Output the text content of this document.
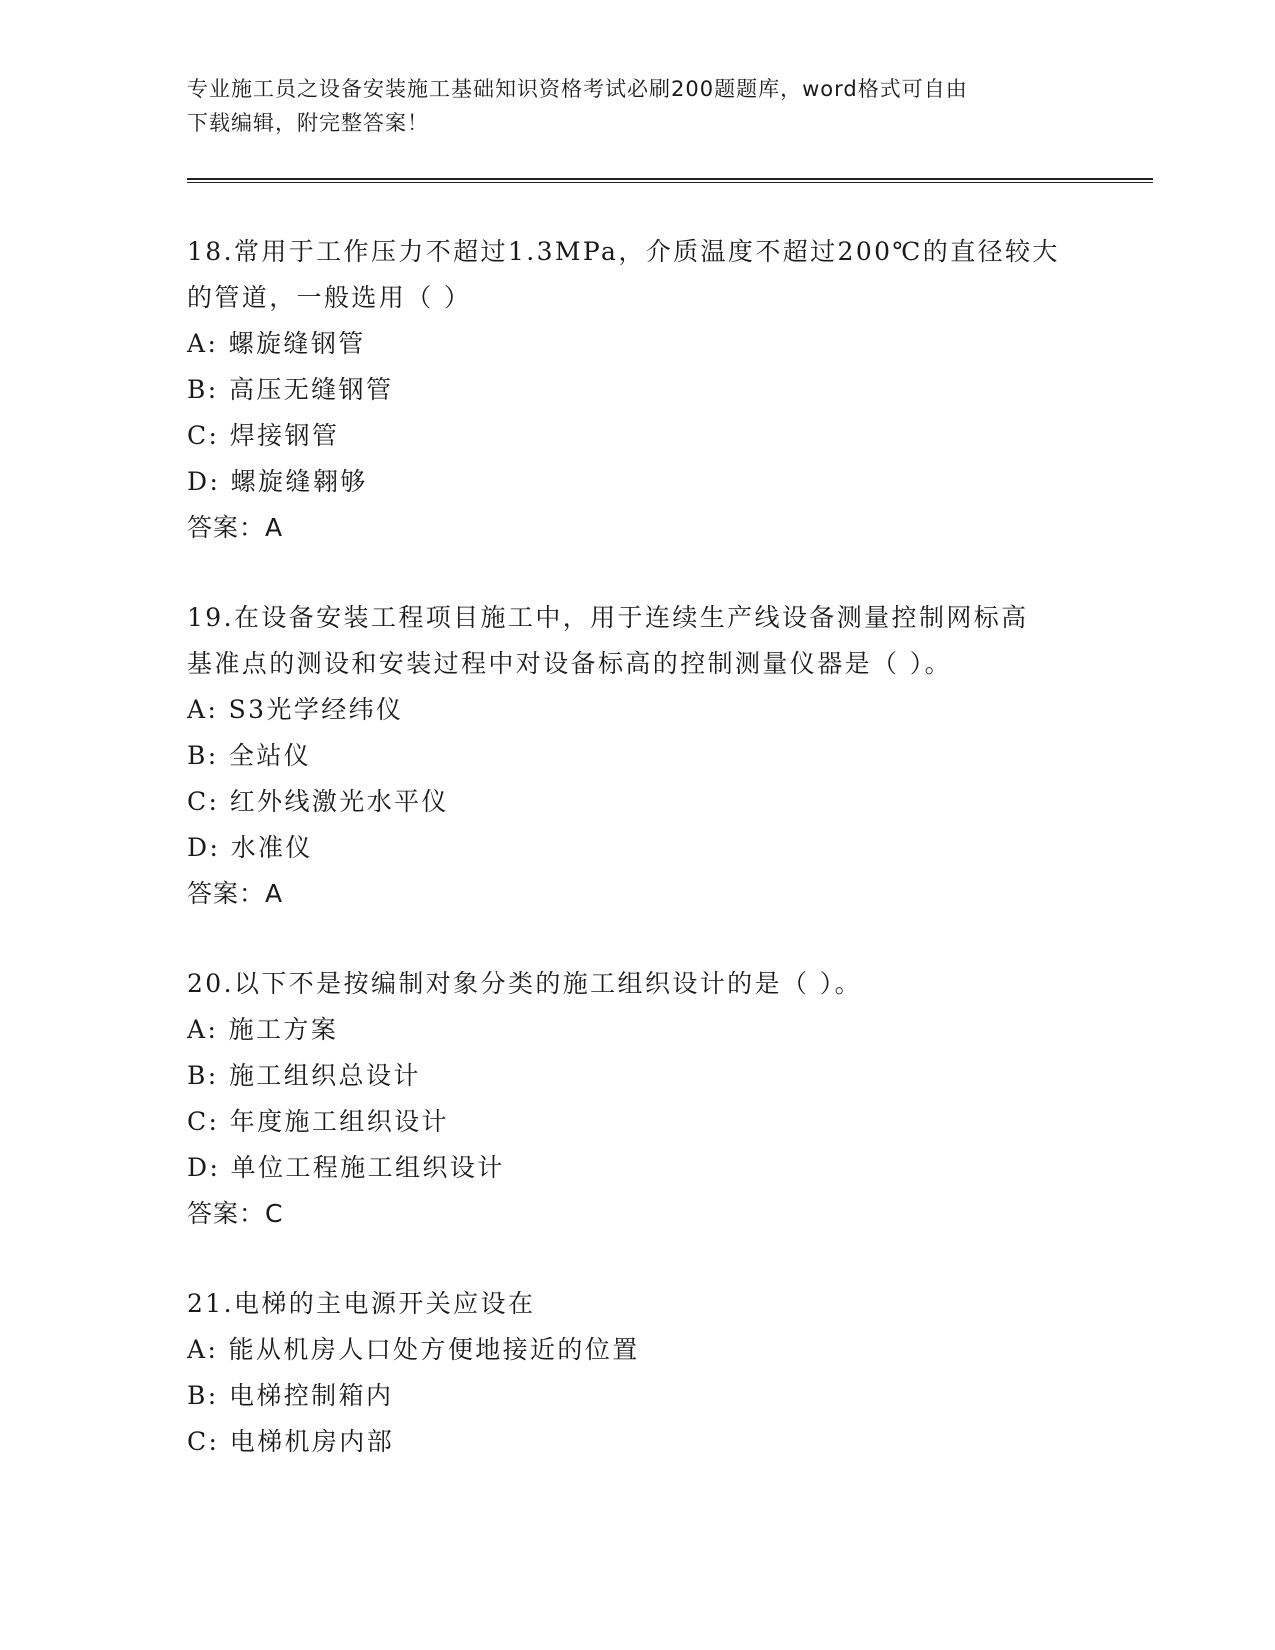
专业施工员之设备安装施工基础知识资格考试必刷200题题库，word格式可自由
下载编辑，附完整答案！
18.常用于工作压力不超过1.3MPa，介质温度不超过200℃的直径较大
的管道，一般选用（ ）
A: 螺旋缝钢管
B: 高压无缝钢管
C: 焊接钢管
D: 螺旋缝翱够
答案：A
19.在设备安装工程项目施工中，用于连续生产线设备测量控制网标高
基准点的测设和安装过程中对设备标高的控制测量仪器是（ ）。
A: S3光学经纬仪
B: 全站仪
C: 红外线激光水平仪
D: 水准仪
答案：A
20.以下不是按编制对象分类的施工组织设计的是（ ）。
A: 施工方案
B: 施工组织总设计
C: 年度施工组织设计
D: 单位工程施工组织设计
答案：C
21.电梯的主电源开关应设在
A: 能从机房人口处方便地接近的位置
B: 电梯控制箱内
C: 电梯机房内部
